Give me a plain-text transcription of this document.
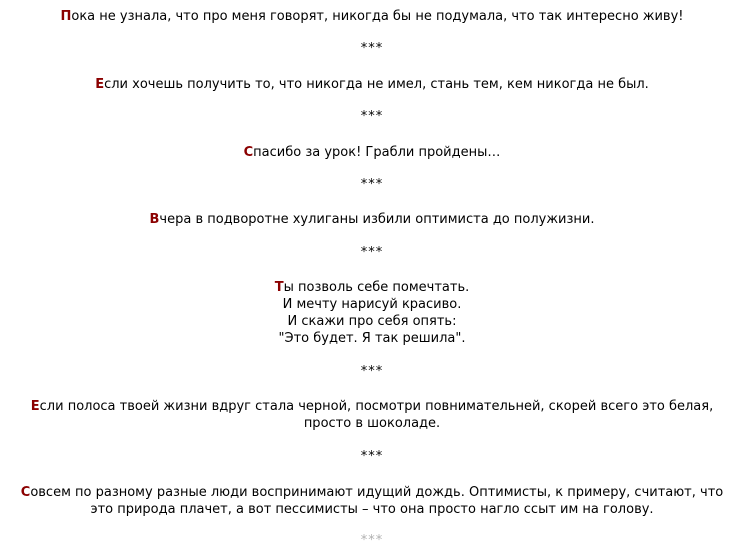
Пока не узнала, что про меня говорят, никогда бы не подумала, что так интересно живу!
***
Если хочешь получить то, что никогда не имел, стань тем, кем никогда не был.
***
Спасибо за урок! Грабли пройдены…
***
Вчера в подворотне хулиганы избили оптимиста до полужизни.
***
Ты позволь себе помечтать.
И мечту нарисуй красиво.
И скажи про себя опять:
"Это будет. Я так решила".
***
Если полоса твоей жизни вдруг стала черной, посмотри повнимательней, скорей всего это белая,
просто в шоколаде.
***
Совсем по разному разные люди воспринимают идущий дождь. Оптимисты, к примеру, считают, что
это природа плачет, а вот пессимисты – что она просто нагло ссыт им на голову.
***
